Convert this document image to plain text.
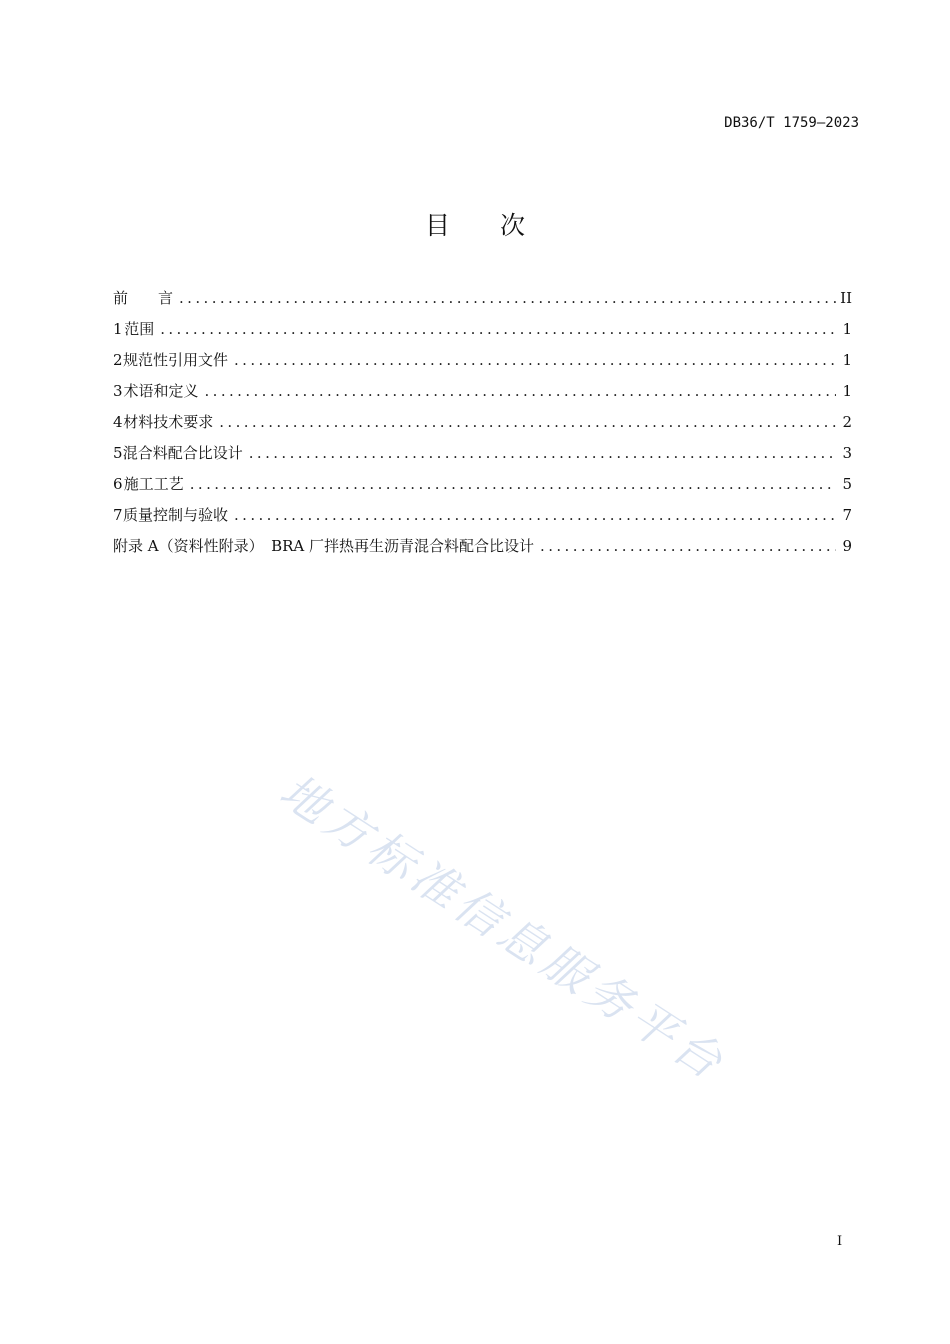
DB36/T 1759—2023
目 次
前　　言 .....	II
1 范围 .....	1
2 规范性引用文件 .....	1
3 术语和定义 .....	1
4 材料技术要求 .....	2
5 混合料配合比设计 .....	3
6 施工工艺 .....	5
7 质量控制与验收 .....	7
附录 A（资料性附录）　BRA 厂拌热再生沥青混合料配合比设计 .....	9
地方标准信息服务平台
I
